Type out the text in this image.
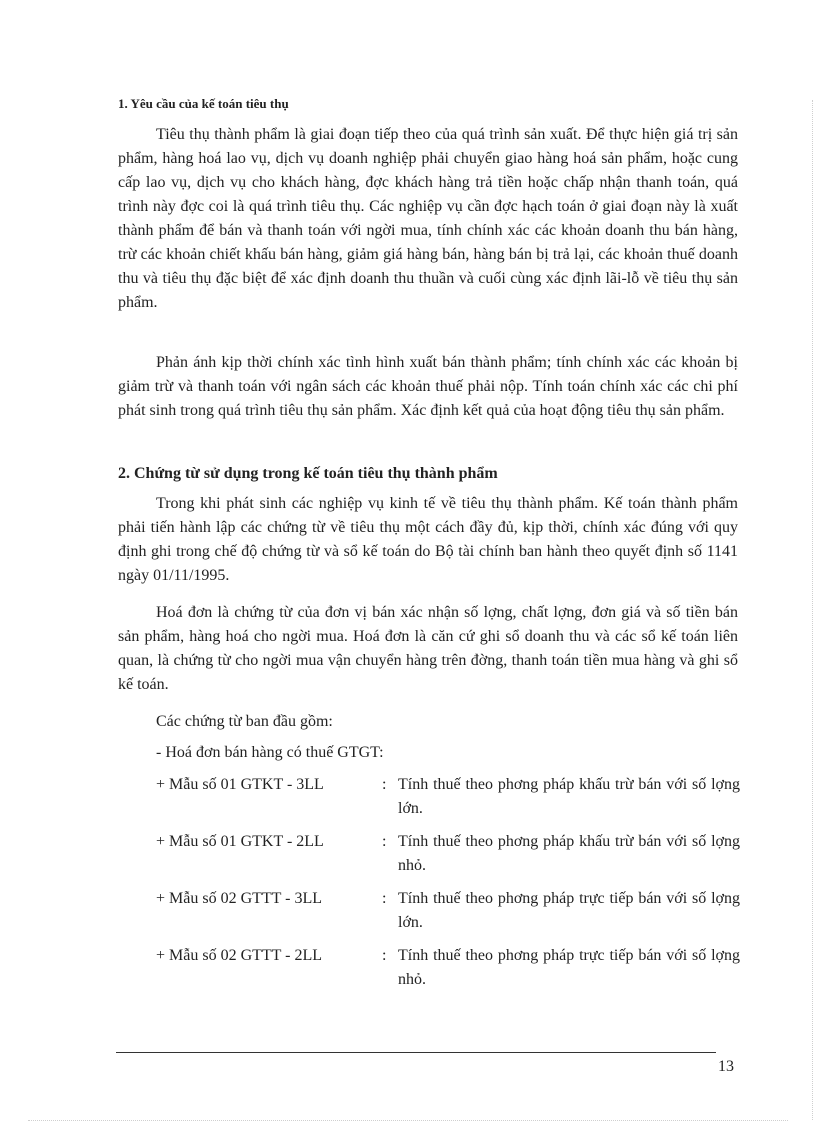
1. Yêu cầu của kế toán tiêu thụ

Tiêu thụ thành phẩm là giai đoạn tiếp theo của quá trình sản xuất. Để thực hiện giá trị sản phẩm, hàng hoá lao vụ, dịch vụ doanh nghiệp phải chuyển giao hàng hoá sản phẩm, hoặc cung cấp lao vụ, dịch vụ cho khách hàng, đợc khách hàng trả tiền hoặc chấp nhận thanh toán, quá trình này đợc coi là quá trình tiêu thụ. Các nghiệp vụ cần đợc hạch toán ở giai đoạn này là xuất thành phẩm để bán và thanh toán với ngời mua, tính chính xác các khoản doanh thu bán hàng, trừ các khoản chiết khấu bán hàng, giảm giá hàng bán, hàng bán bị trả lại, các khoản thuế doanh thu và tiêu thụ đặc biệt để xác định doanh thu thuần và cuối cùng xác định lãi-lỗ về tiêu thụ sản phẩm.

Phản ánh kịp thời chính xác tình hình xuất bán thành phẩm; tính chính xác các khoản bị giảm trừ và thanh toán với ngân sách các khoản thuế phải nộp. Tính toán chính xác các chi phí phát sinh trong quá trình tiêu thụ sản phẩm. Xác định kết quả của hoạt động tiêu thụ sản phẩm.

2. Chứng từ sử dụng trong kế toán tiêu thụ thành phẩm

Trong khi phát sinh các nghiệp vụ kinh tế về tiêu thụ thành phẩm. Kế toán thành phẩm phải tiến hành lập các chứng từ về tiêu thụ một cách đầy đủ, kịp thời, chính xác đúng với quy định ghi trong chế độ chứng từ và sổ kế toán do Bộ tài chính ban hành theo quyết định số 1141 ngày 01/11/1995.

Hoá đơn là chứng từ của đơn vị bán xác nhận số lợng, chất lợng, đơn giá và số tiền bán sản phẩm, hàng hoá cho ngời mua. Hoá đơn là căn cứ ghi sổ doanh thu và các sổ kế toán liên quan, là chứng từ cho ngời mua vận chuyển hàng trên đờng, thanh toán tiền mua hàng và ghi sổ kế toán.

Các chứng từ ban đầu gồm:
- Hoá đơn bán hàng có thuế GTGT:
+ Mẫu số 01 GTKT - 3LL	: Tính thuế theo phơng pháp khấu trừ bán với số lợng lớn.
+ Mẫu số 01 GTKT - 2LL	: Tính thuế theo phơng pháp khấu trừ bán với số lợng nhỏ.
+ Mẫu số 02 GTTT - 3LL	: Tính thuế theo phơng pháp trực tiếp bán với số lợng lớn.
+ Mẫu số 02 GTTT - 2LL	: Tính thuế theo phơng pháp trực tiếp bán với số lợng nhỏ.
13
